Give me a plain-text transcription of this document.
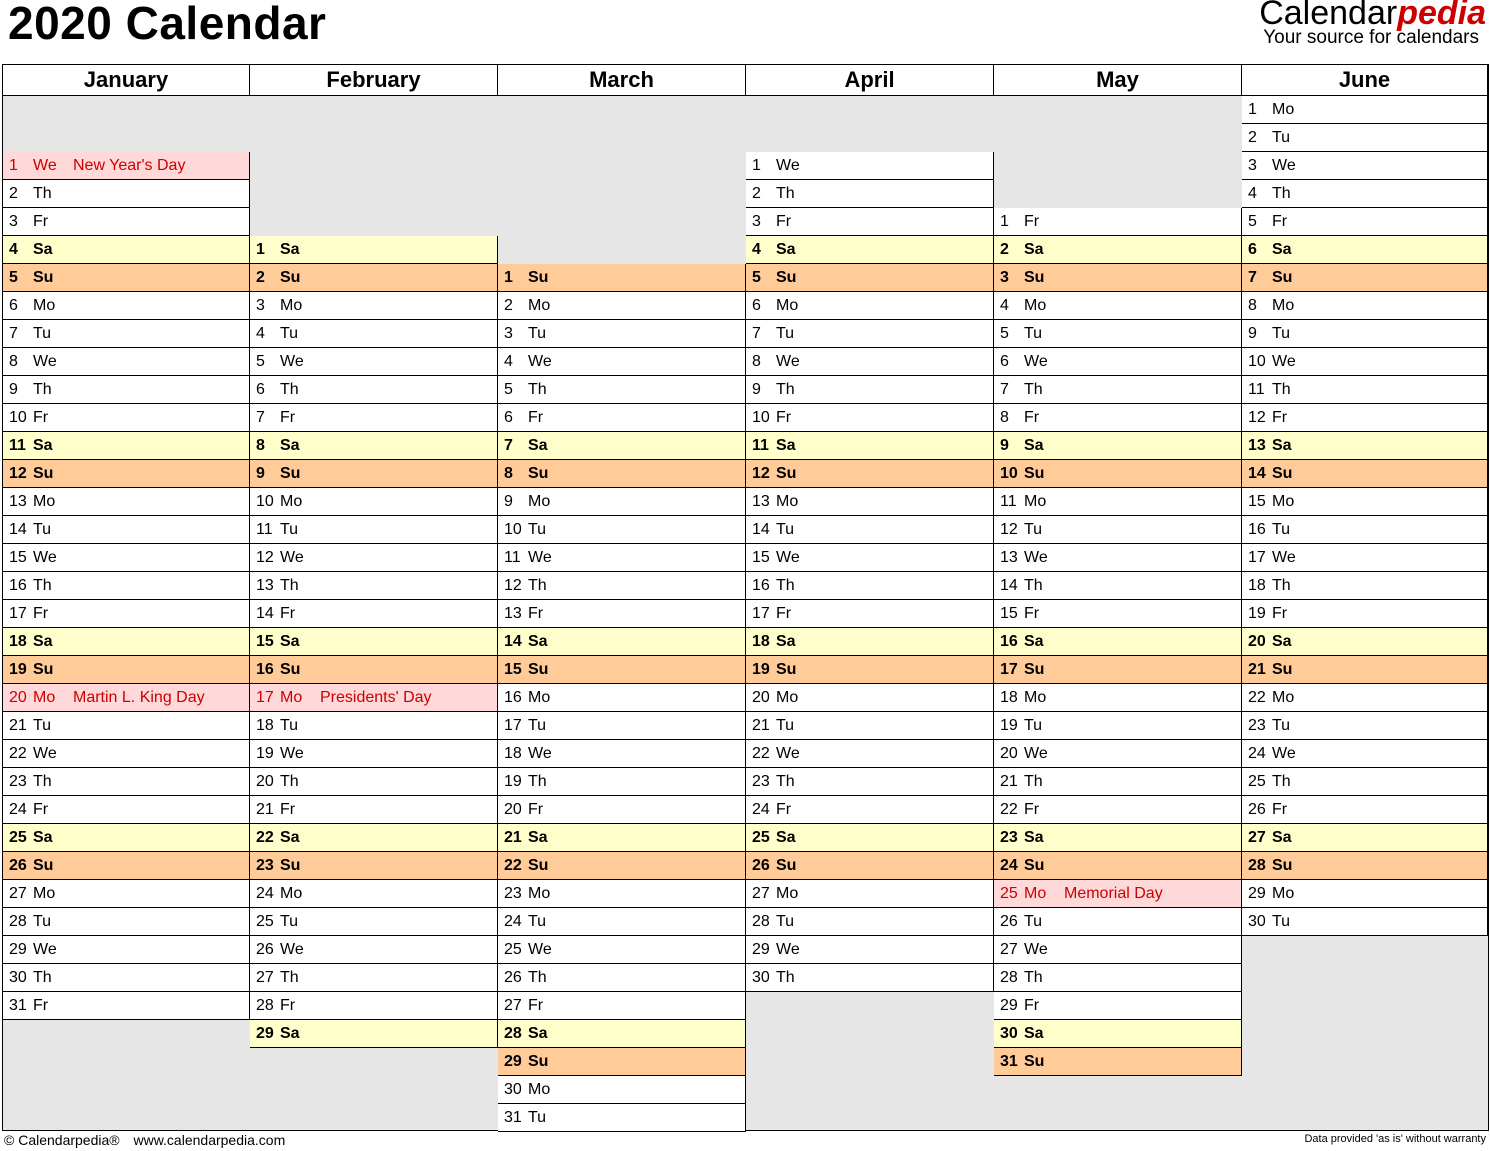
2020 Calendar	Calendarpedia
Your source for calendars
January
1 We New Year's Day
2 Th
3 Fr
4 Sa
5 Su
6 Mo
7 Tu
8 We
9 Th
10 Fr
11 Sa
12 Su
13 Mo
14 Tu
15 We
16 Th
17 Fr
18 Sa
19 Su
20 Mo Martin L. King Day
21 Tu
22 We
23 Th
24 Fr
25 Sa
26 Su
27 Mo
28 Tu
29 We
30 Th
31 Fr
February
1 Sa
2 Su
3 Mo
4 Tu
5 We
6 Th
7 Fr
8 Sa
9 Su
10 Mo
11 Tu
12 We
13 Th
14 Fr
15 Sa
16 Su
17 Mo Presidents' Day
18 Tu
19 We
20 Th
21 Fr
22 Sa
23 Su
24 Mo
25 Tu
26 We
27 Th
28 Fr
29 Sa
March
1 Su
2 Mo
3 Tu
4 We
5 Th
6 Fr
7 Sa
8 Su
9 Mo
10 Tu
11 We
12 Th
13 Fr
14 Sa
15 Su
16 Mo
17 Tu
18 We
19 Th
20 Fr
21 Sa
22 Su
23 Mo
24 Tu
25 We
26 Th
27 Fr
28 Sa
29 Su
30 Mo
31 Tu
April
1 We
2 Th
3 Fr
4 Sa
5 Su
6 Mo
7 Tu
8 We
9 Th
10 Fr
11 Sa
12 Su
13 Mo
14 Tu
15 We
16 Th
17 Fr
18 Sa
19 Su
20 Mo
21 Tu
22 We
23 Th
24 Fr
25 Sa
26 Su
27 Mo
28 Tu
29 We
30 Th
May
1 Fr
2 Sa
3 Su
4 Mo
5 Tu
6 We
7 Th
8 Fr
9 Sa
10 Su
11 Mo
12 Tu
13 We
14 Th
15 Fr
16 Sa
17 Su
18 Mo
19 Tu
20 We
21 Th
22 Fr
23 Sa
24 Su
25 Mo Memorial Day
26 Tu
27 We
28 Th
29 Fr
30 Sa
31 Su
June
1 Mo
2 Tu
3 We
4 Th
5 Fr
6 Sa
7 Su
8 Mo
9 Tu
10 We
11 Th
12 Fr
13 Sa
14 Su
15 Mo
16 Tu
17 We
18 Th
19 Fr
20 Sa
21 Su
22 Mo
23 Tu
24 We
25 Th
26 Fr
27 Sa
28 Su
29 Mo
30 Tu
© Calendarpedia® www.calendarpedia.com	Data provided 'as is' without warranty
